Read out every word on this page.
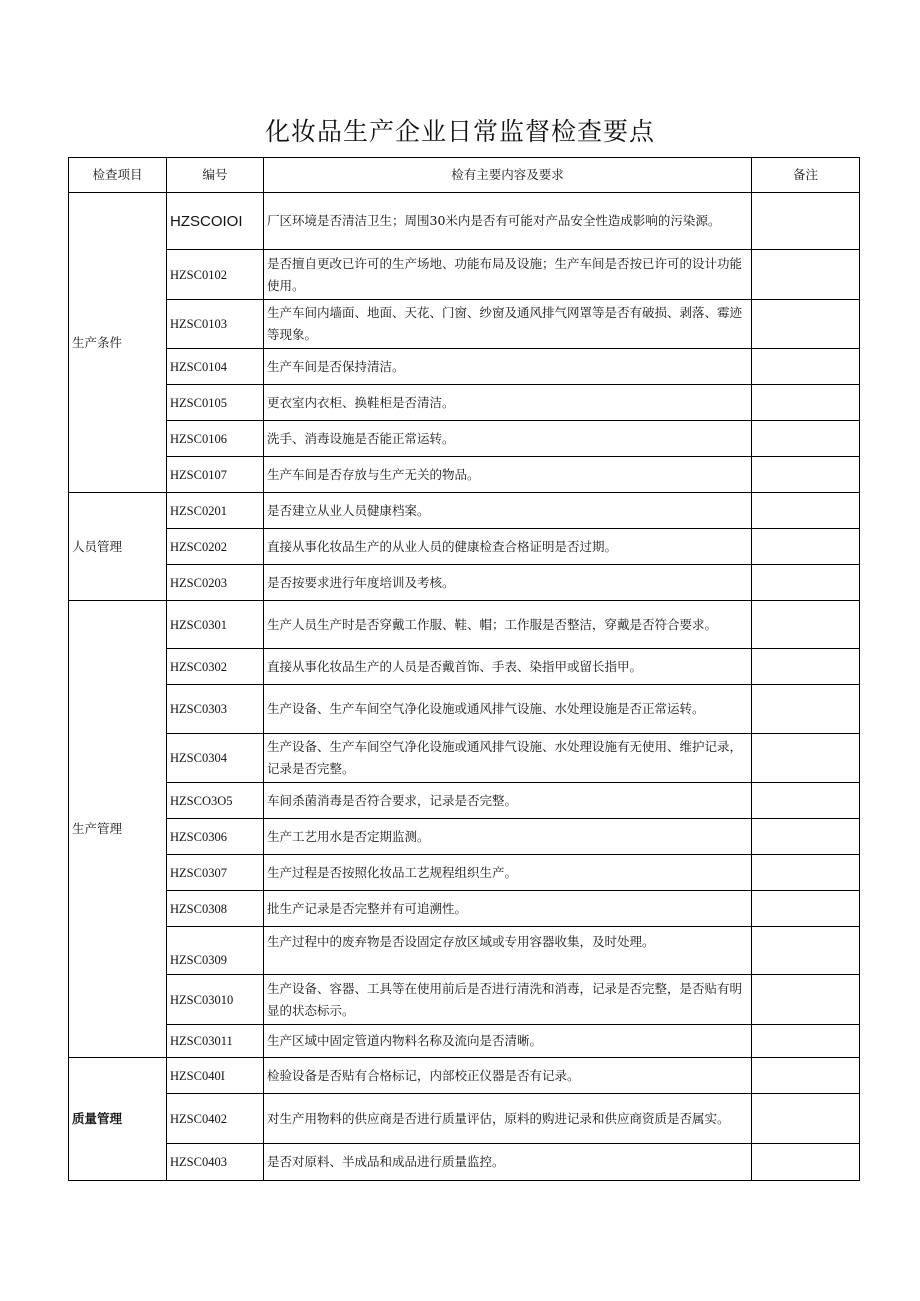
化妆品生产企业日常监督检查要点
检查项目	编号	检有主要内容及要求	备注
生产条件	HZSCOIOI	厂区环境是否清洁卫生；周围30米内是否有可能对产品安全性造成影响的污染源。	
	HZSC0102	是否擅自更改已许可的生产场地、功能布局及设施；生产车间是否按已许可的设计功能使用。	
	HZSC0103	生产车间内墙面、地面、天花、门窗、纱窗及通风排气网罩等是否有破损、剥落、霉迹等现象。	
	HZSC0104	生产车间是否保持清洁。	
	HZSC0105	更衣室内衣柜、换鞋柜是否清洁。	
	HZSC0106	洗手、消毒设施是否能正常运转。	
	HZSC0107	生产车间是否存放与生产无关的物品。	
人员管理	HZSC0201	是否建立从业人员健康档案。	
	HZSC0202	直接从事化妆品生产的从业人员的健康检查合格证明是否过期。	
	HZSC0203	是否按要求进行年度培训及考核。	
生产管理	HZSC0301	生产人员生产时是否穿戴工作服、鞋、帽；工作服是否整洁，穿戴是否符合要求。	
	HZSC0302	直接从事化妆品生产的人员是否戴首饰、手表、染指甲或留长指甲。	
	HZSC0303	生产设备、生产车间空气净化设施或通风排气设施、水处理设施是否正常运转。	
	HZSC0304	生产设备、生产车间空气净化设施或通风排气设施、水处理设施有无使用、维护记录，记录是否完整。	
	HZSCO3O5	车间杀菌消毒是否符合要求，记录是否完整。	
	HZSC0306	生产工艺用水是否定期监测。	
	HZSC0307	生产过程是否按照化妆品工艺规程组织生产。	
	HZSC0308	批生产记录是否完整并有可追溯性。	
	HZSC0309	生产过程中的废弃物是否设固定存放区域或专用容器收集，及时处理。	
	HZSC03010	生产设备、容器、工具等在使用前后是否进行清洗和消毒，记录是否完整，是否贴有明显的状态标示。	
	HZSC03011	生产区域中固定管道内物料名称及流向是否清晰。	
质量管理	HZSC040I	检验设备是否贴有合格标记，内部校正仪器是否有记录。	
	HZSC0402	对生产用物料的供应商是否进行质量评估，原料的购进记录和供应商资质是否属实。	
	HZSC0403	是否对原料、半成品和成品进行质量监控。	
